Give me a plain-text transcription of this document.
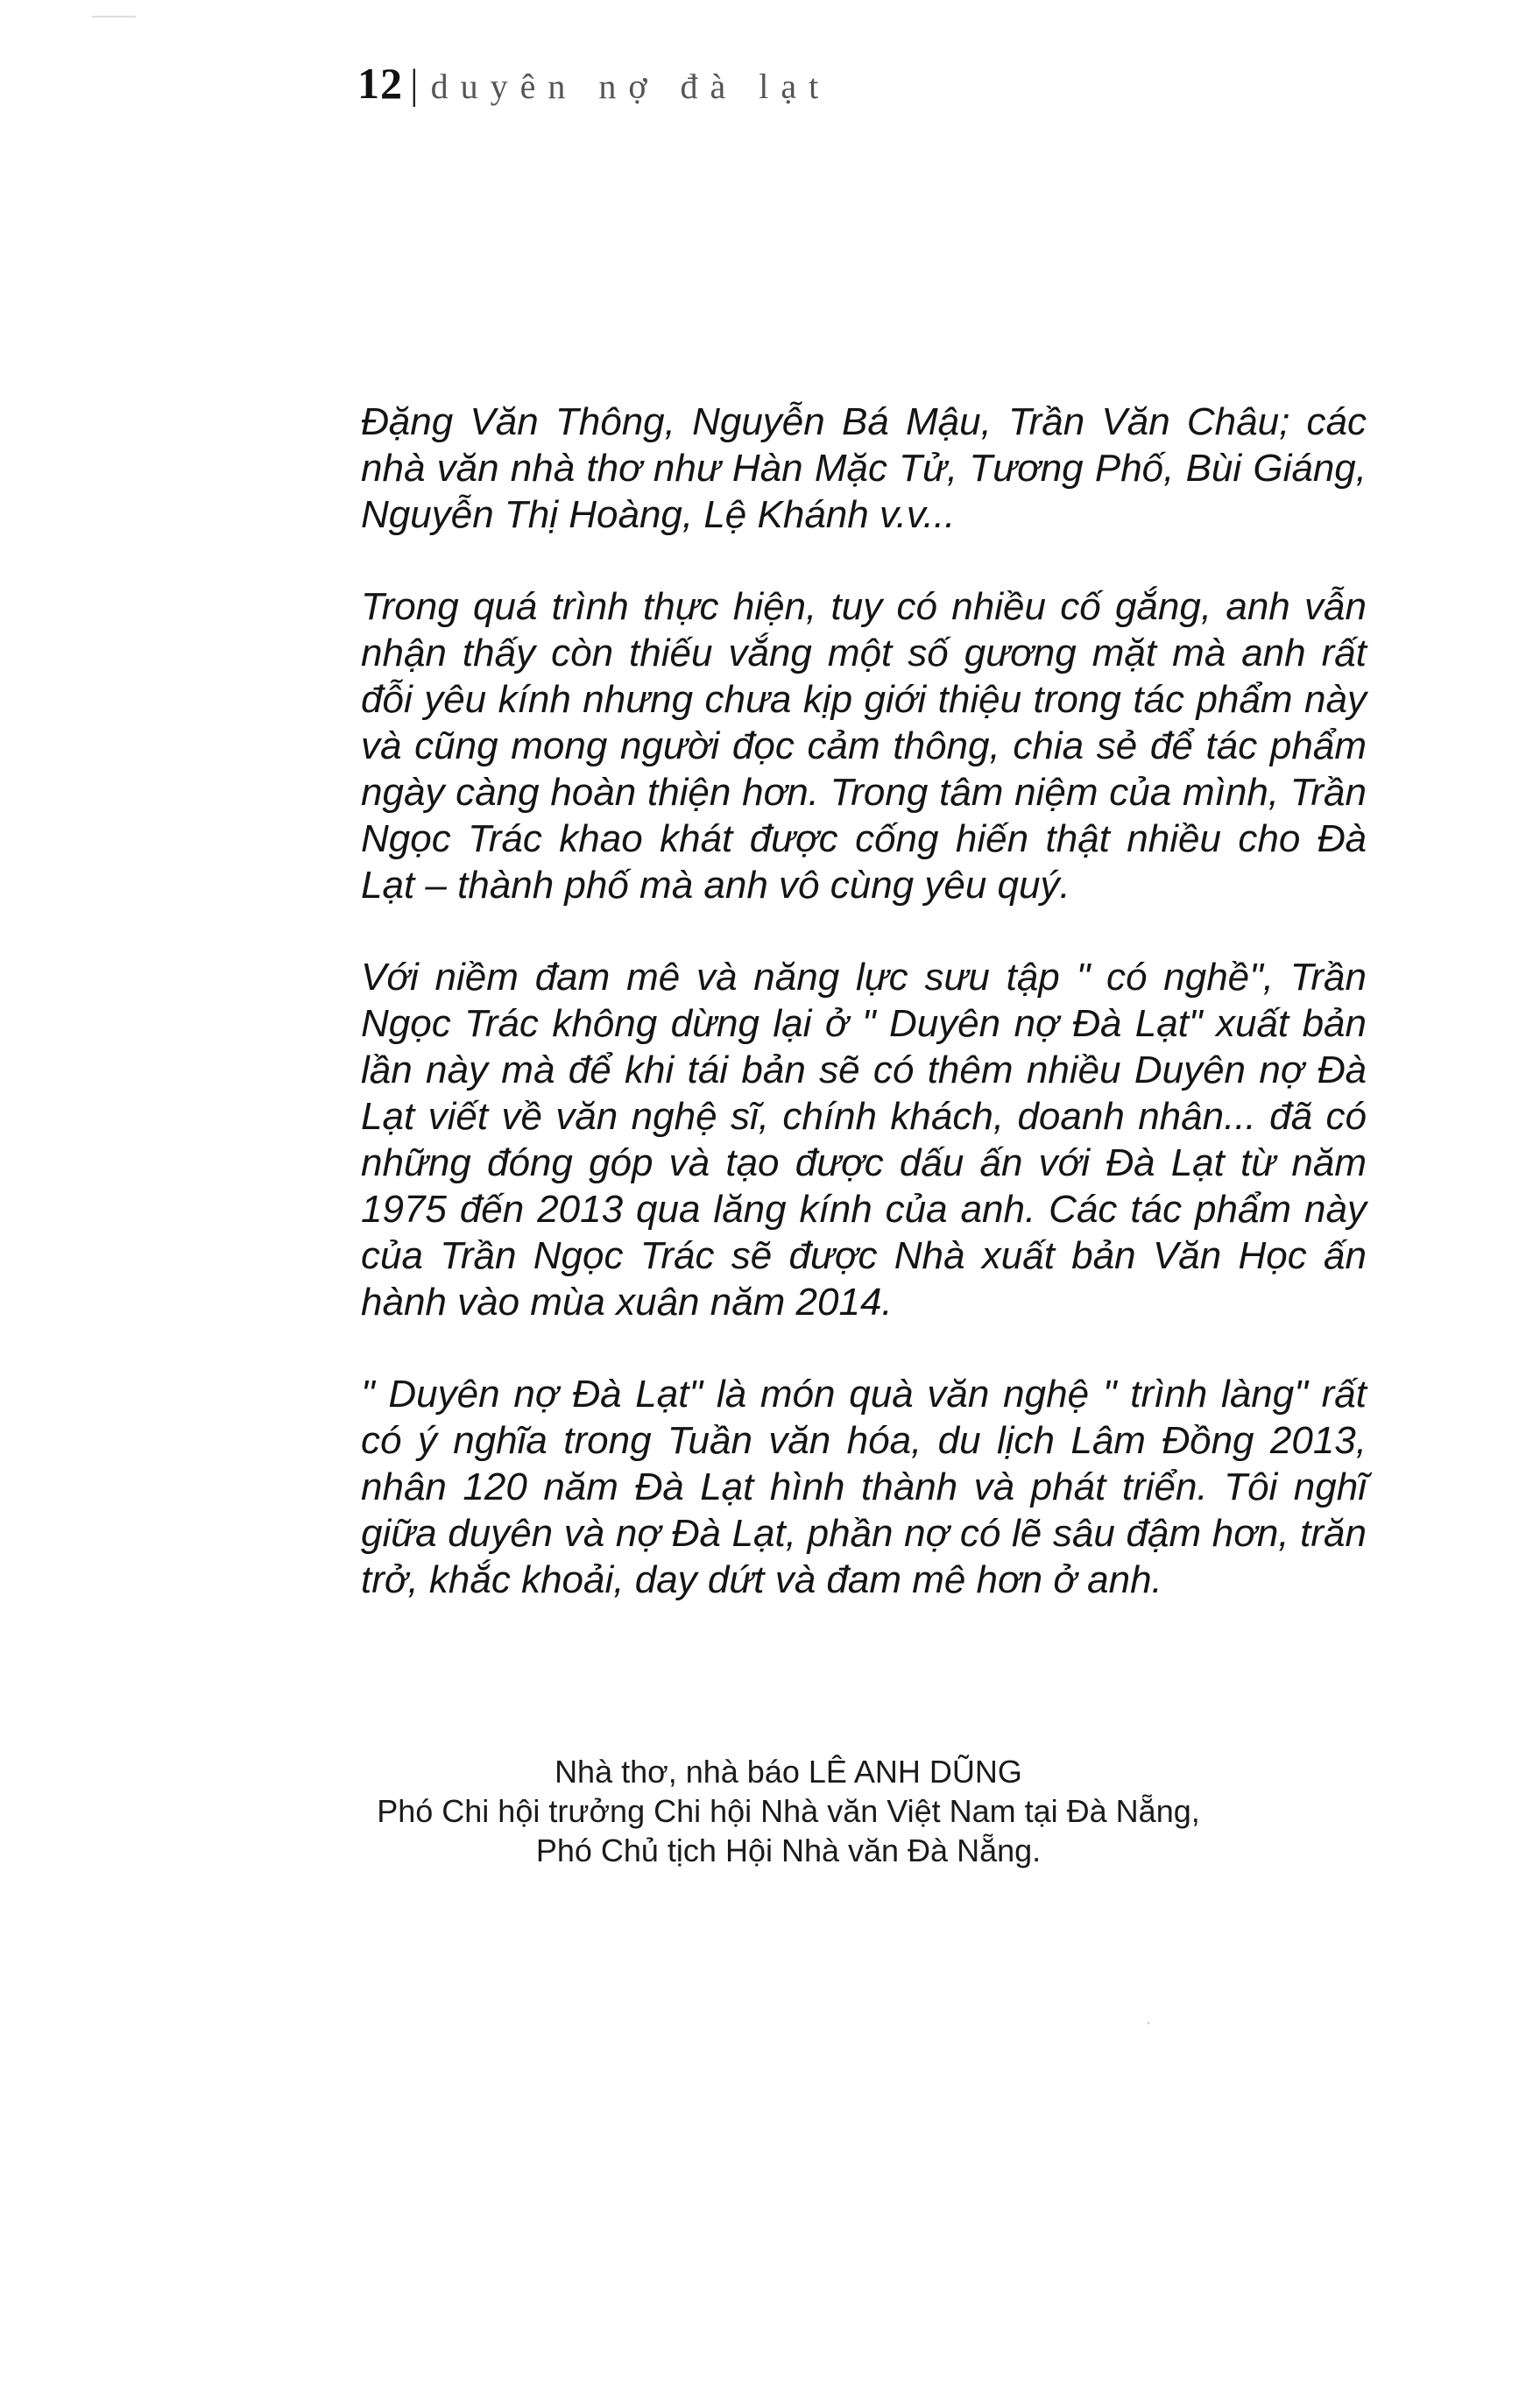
12 | duyên nợ đà lạt

Đặng Văn Thông, Nguyễn Bá Mậu, Trần Văn Châu; các nhà văn nhà thơ như Hàn Mặc Tử, Tương Phố, Bùi Giáng, Nguyễn Thị Hoàng, Lệ Khánh v.v...

Trong quá trình thực hiện, tuy có nhiều cố gắng, anh vẫn nhận thấy còn thiếu vắng một số gương mặt mà anh rất đỗi yêu kính nhưng chưa kịp giới thiệu trong tác phẩm này và cũng mong người đọc cảm thông, chia sẻ để tác phẩm ngày càng hoàn thiện hơn. Trong tâm niệm của mình, Trần Ngọc Trác khao khát được cống hiến thật nhiều cho Đà Lạt – thành phố mà anh vô cùng yêu quý.

Với niềm đam mê và năng lực sưu tập " có nghề", Trần Ngọc Trác không dừng lại ở " Duyên nợ Đà Lạt" xuất bản lần này mà để khi tái bản sẽ có thêm nhiều Duyên nợ Đà Lạt viết về văn nghệ sĩ, chính khách, doanh nhân... đã có những đóng góp và tạo được dấu ấn với Đà Lạt từ năm 1975 đến 2013 qua lăng kính của anh. Các tác phẩm này của Trần Ngọc Trác sẽ được Nhà xuất bản Văn Học ấn hành vào mùa xuân năm 2014.

" Duyên nợ Đà Lạt" là món quà văn nghệ " trình làng" rất có ý nghĩa trong Tuần văn hóa, du lịch Lâm Đồng 2013, nhân 120 năm Đà Lạt hình thành và phát triển. Tôi nghĩ giữa duyên và nợ Đà Lạt, phần nợ có lẽ sâu đậm hơn, trăn trở, khắc khoải, day dứt và đam mê hơn ở anh.

Nhà thơ, nhà báo LÊ ANH DŨNG
Phó Chi hội trưởng Chi hội Nhà văn Việt Nam tại Đà Nẵng,
Phó Chủ tịch Hội Nhà văn Đà Nẵng.
